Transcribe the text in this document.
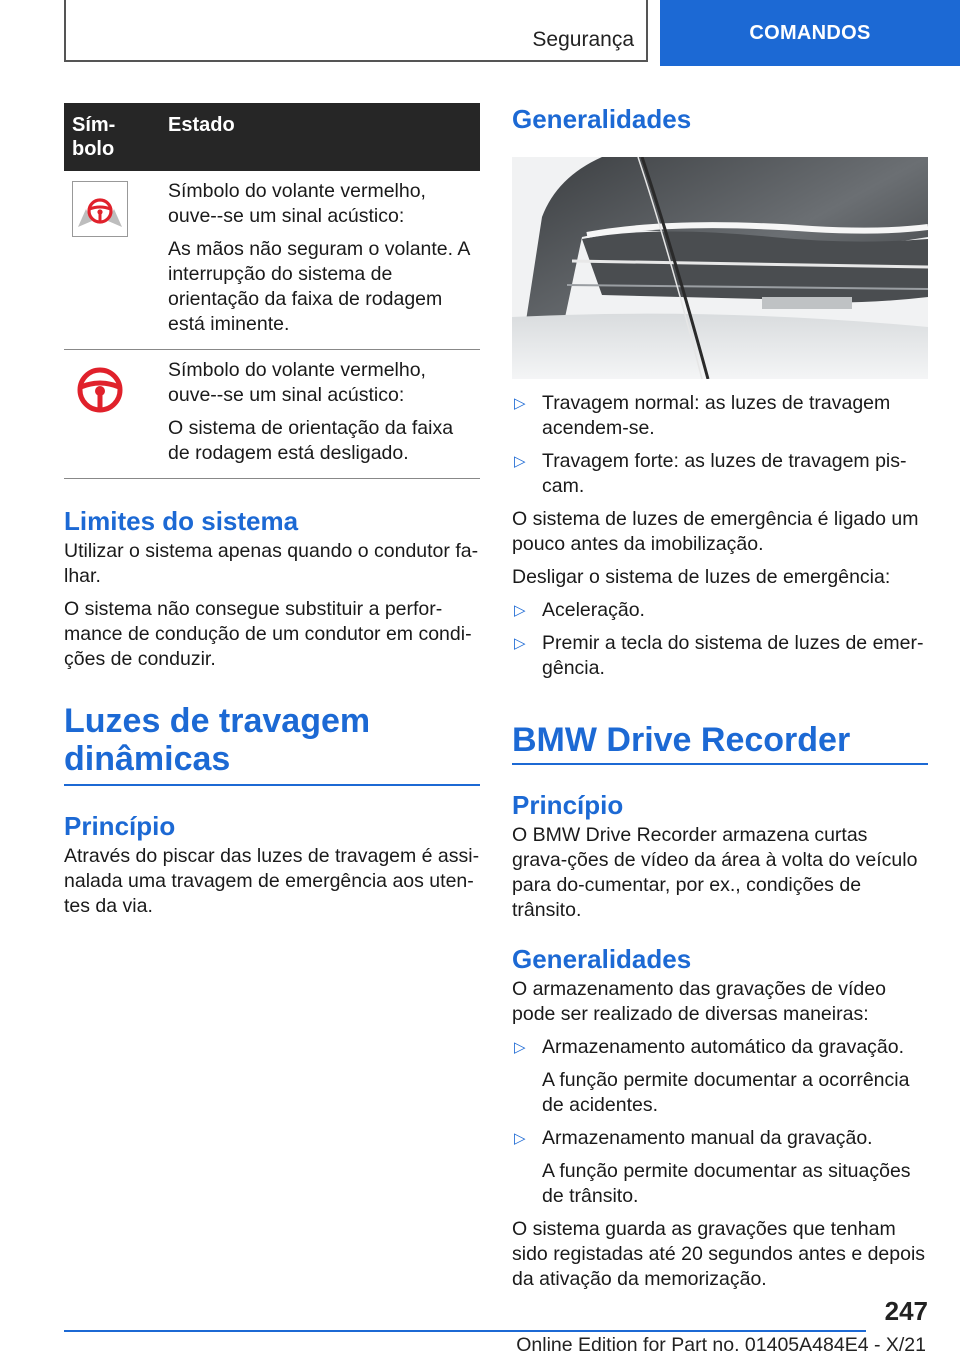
Segurança	COMANDOS
Sím-
bolo	Estado

Símbolo do volante vermelho, ouve--se um sinal acústico:

As mãos não seguram o volante. A interrupção do sistema de orientação da faixa de rodagem está iminente.

Símbolo do volante vermelho, ouve--se um sinal acústico:

O sistema de orientação da faixa de rodagem está desligado.

Limites do sistema

Utilizar o sistema apenas quando o condutor fa-lhar.

O sistema não consegue substituir a perfor-mance de condução de um condutor em condi-ções de conduzir.

Luzes de travagem
dinâmicas
Princípio

Através do piscar das luzes de travagem é assi-nalada uma travagem de emergência aos uten-tes da via.

Generalidades
▷ Travagem normal: as luzes de travagem acendem-se.
▷ Travagem forte: as luzes de travagem pis-cam.

O sistema de luzes de emergência é ligado um pouco antes da imobilização.

Desligar o sistema de luzes de emergência:

▷ Aceleração.
▷ Premir a tecla do sistema de luzes de emer-gência.
BMW Drive Recorder
Princípio

O BMW Drive Recorder armazena curtas grava-ções de vídeo da área à volta do veículo para do-cumentar, por ex., condições de trânsito.

Generalidades

O armazenamento das gravações de vídeo pode ser realizado de diversas maneiras:

▷ Armazenamento automático da gravação.

A função permite documentar a ocorrência de acidentes.

▷ Armazenamento manual da gravação.

A função permite documentar as situações de trânsito.

O sistema guarda as gravações que tenham sido registadas até 20 segundos antes e depois da ativação da memorização.

247
Online Edition for Part no. 01405A484E4 - X/21
